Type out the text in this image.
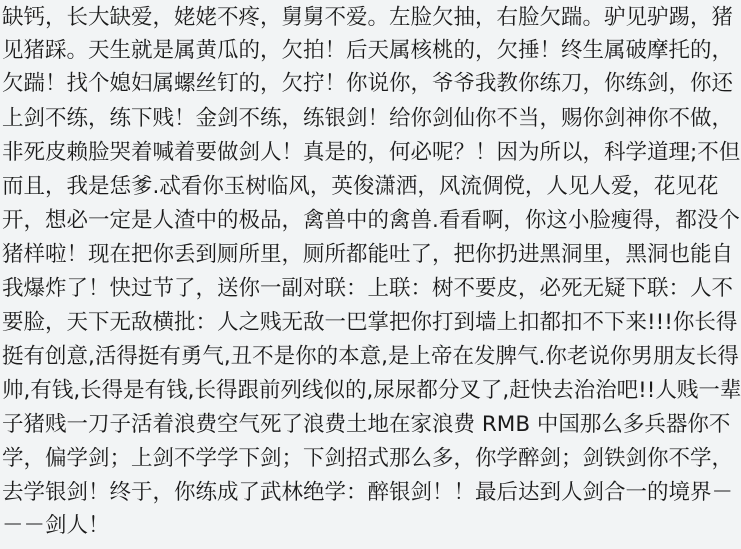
缺钙，长大缺爱，姥姥不疼，舅舅不爱。左脸欠抽，右脸欠踹。驴见驴踢，猪
见猪踩。天生就是属黄瓜的，欠拍！后天属核桃的，欠捶！终生属破摩托的，
欠踹！找个媳妇属螺丝钉的，欠拧！你说你，爷爷我教你练刀，你练剑，你还
上剑不练，练下贱！金剑不练，练银剑！给你剑仙你不当，赐你剑神你不做，
非死皮赖脸哭着喊着要做剑人！真是的，何必呢？！因为所以，科学道理;不但
而且，我是恁爹.忒看你玉树临风，英俊潇洒，风流倜傥，人见人爱，花见花
开，想必一定是人渣中的极品，禽兽中的禽兽.看看啊，你这小脸瘦得，都没个
猪样啦！现在把你丢到厕所里，厕所都能吐了，把你扔进黑洞里，黑洞也能自
我爆炸了！快过节了，送你一副对联：上联：树不要皮，必死无疑下联：人不
要脸，天下无敌横批：人之贱无敌一巴掌把你打到墙上扣都扣不下来!!!你长得
挺有创意,活得挺有勇气,丑不是你的本意,是上帝在发脾气.你老说你男朋友长得
帅,有钱,长得是有钱,长得跟前列线似的,尿尿都分叉了,赶快去治治吧!!人贱一辈
子猪贱一刀子活着浪费空气死了浪费土地在家浪费 RMB 中国那么多兵器你不
学，偏学剑；上剑不学学下剑；下剑招式那么多，你学醉剑；剑铁剑你不学，
去学银剑！终于，你练成了武林绝学：醉银剑！！最后达到人剑合一的境界－
－－剑人！
